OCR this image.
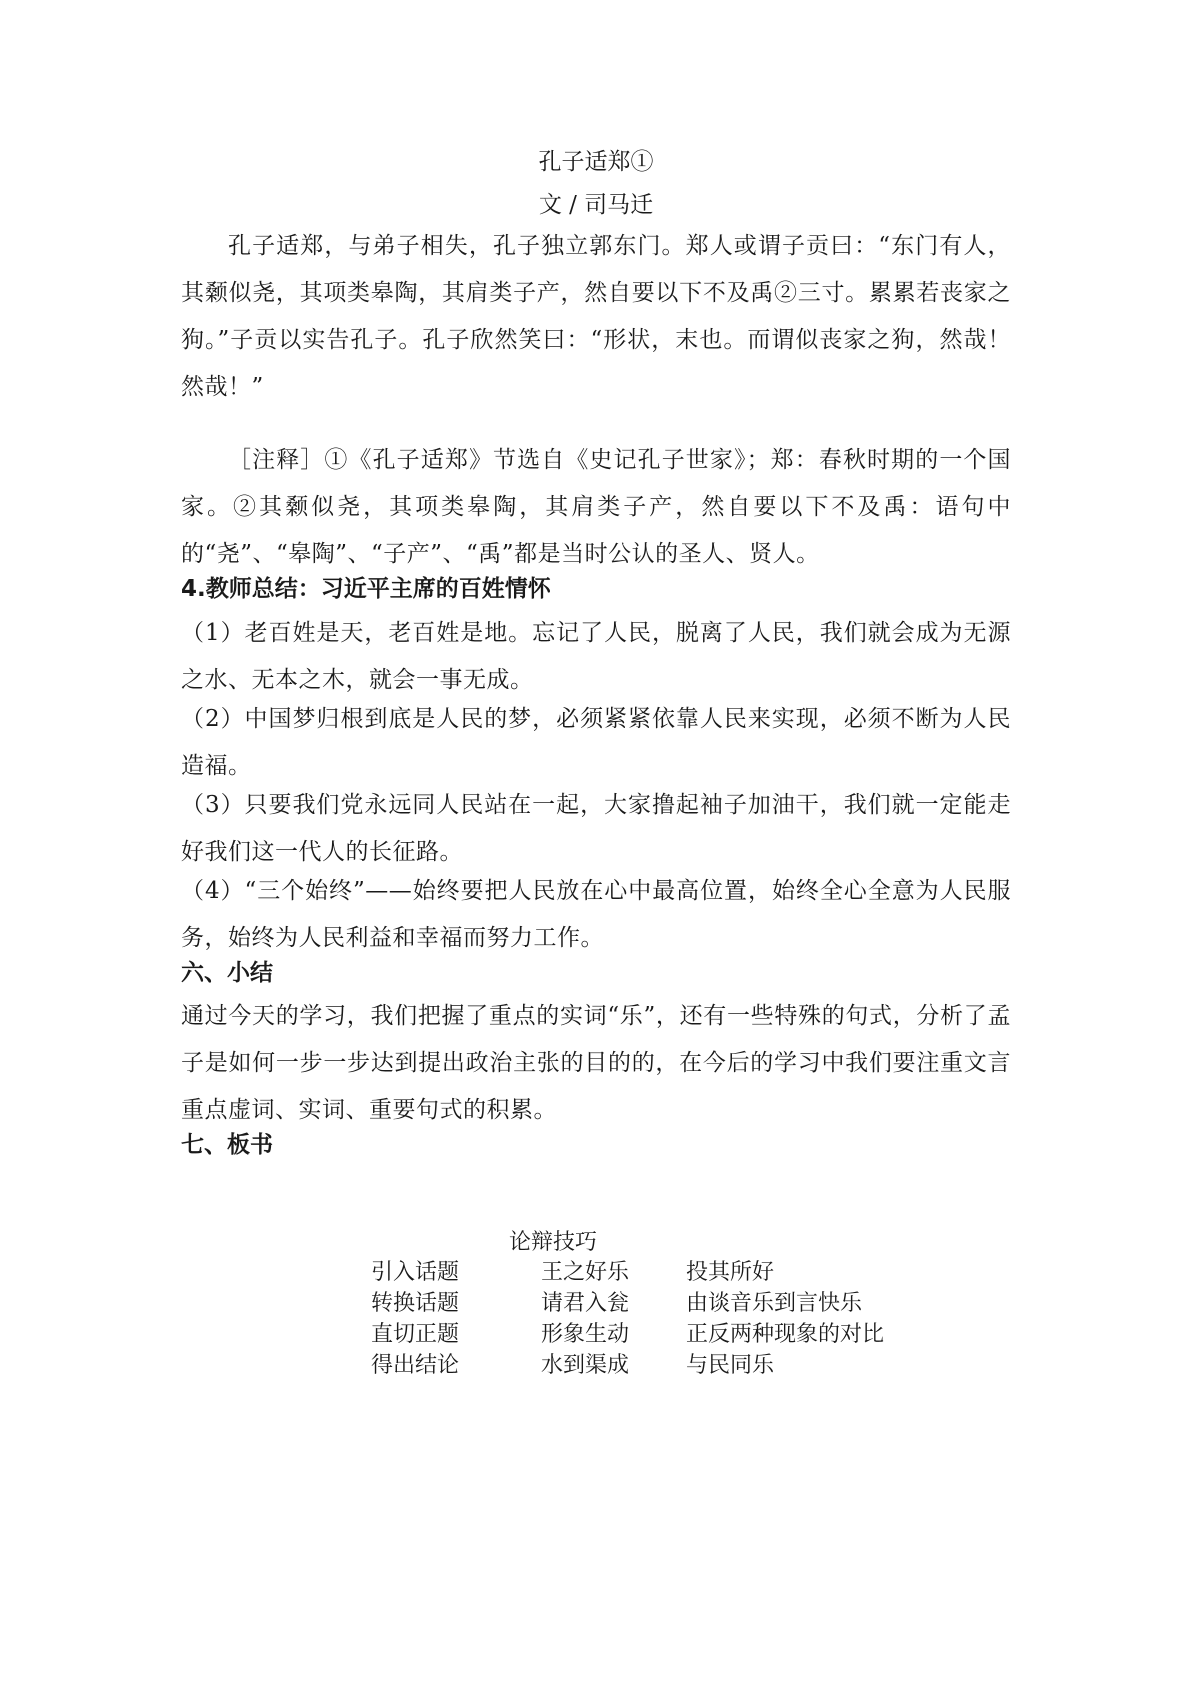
孔子适郑①
文 / 司马迁
孔子适郑，与弟子相失，孔子独立郭东门。郑人或谓子贡曰：“东门有人，其颡似尧，其项类皋陶，其肩类子产，然自要以下不及禹②三寸。累累若丧家之狗。”子贡以实告孔子。孔子欣然笑曰：“形状，末也。而谓似丧家之狗，然哉！然哉！”
［注释］①《孔子适郑》节选自《史记孔子世家》；郑：春秋时期的一个国家。②其颡似尧，其项类皋陶，其肩类子产，然自要以下不及禹：语句中的“尧”、“皋陶”、“子产”、“禹”都是当时公认的圣人、贤人。
4.教师总结：习近平主席的百姓情怀
（1）老百姓是天，老百姓是地。忘记了人民，脱离了人民，我们就会成为无源之水、无本之木，就会一事无成。
（2）中国梦归根到底是人民的梦，必须紧紧依靠人民来实现，必须不断为人民造福。
（3）只要我们党永远同人民站在一起，大家撸起袖子加油干，我们就一定能走好我们这一代人的长征路。
（4）“三个始终”——始终要把人民放在心中最高位置，始终全心全意为人民服务，始终为人民利益和幸福而努力工作。
六、小结
通过今天的学习，我们把握了重点的实词“乐”，还有一些特殊的句式，分析了孟子是如何一步一步达到提出政治主张的目的的，在今后的学习中我们要注重文言重点虚词、实词、重要句式的积累。
七、板书
论辩技巧
引入话题	王之好乐	投其所好
转换话题	请君入瓮	由谈音乐到言快乐
直切正题	形象生动	正反两种现象的对比
得出结论	水到渠成	与民同乐
